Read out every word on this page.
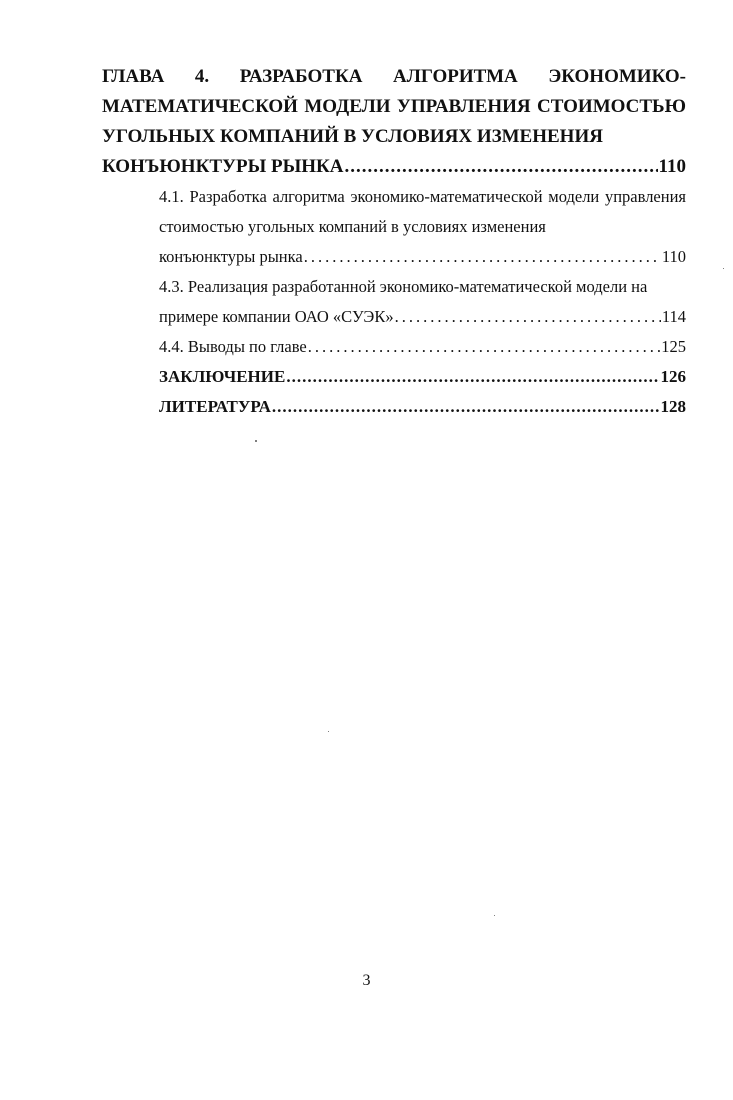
ГЛАВА 4. РАЗРАБОТКА АЛГОРИТМА ЭКОНОМИКО-МАТЕМАТИЧЕСКОЙ МОДЕЛИ УПРАВЛЕНИЯ СТОИМОСТЬЮ УГОЛЬНЫХ КОМПАНИЙ В УСЛОВИЯХ ИЗМЕНЕНИЯ
КОНЪЮНКТУРЫ РЫНКА .....	110
4.1. Разработка алгоритма экономико-математической модели управления стоимостью угольных компаний в условиях изменения
конъюнктуры рынка .....	110
4.3. Реализация разработанной экономико-математической модели на
примере компании ОАО «СУЭК» .....	114
4.4. Выводы по главе .....	125
ЗАКЛЮЧЕНИЕ .....	126
ЛИТЕРАТУРА .....	128
3
